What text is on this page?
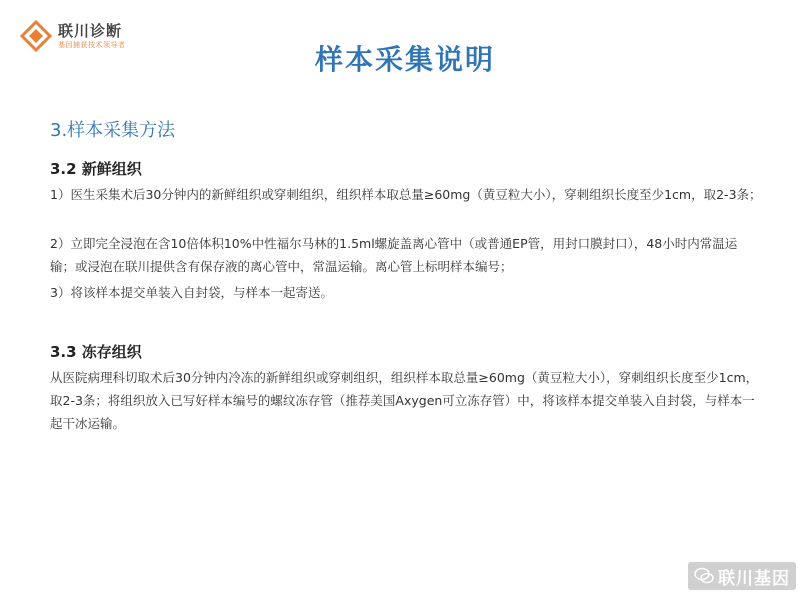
联川诊断
基因捕获技术领导者	样本采集说明
3.样本采集方法
3.2 新鲜组织

1）医生采集术后30分钟内的新鲜组织或穿刺组织，组织样本取总量≥60mg（黄豆粒大小），穿刺组织长度至少1cm，取2-3条；

2）立即完全浸泡在含10倍体积10%中性福尔马林的1.5ml螺旋盖离心管中（或普通EP管，用封口膜封口），48小时内常温运输；或浸泡在联川提供含有保存液的离心管中，常温运输。离心管上标明样本编号；

3）将该样本提交单装入自封袋，与样本一起寄送。

3.3 冻存组织

从医院病理科切取术后30分钟内冷冻的新鲜组织或穿刺组织，组织样本取总量≥60mg（黄豆粒大小），穿刺组织长度至少1cm，取2-3条；将组织放入已写好样本编号的螺纹冻存管（推荐美国Axygen可立冻存管）中，将该样本提交单装入自封袋，与样本一起干冰运输。

联川基因
